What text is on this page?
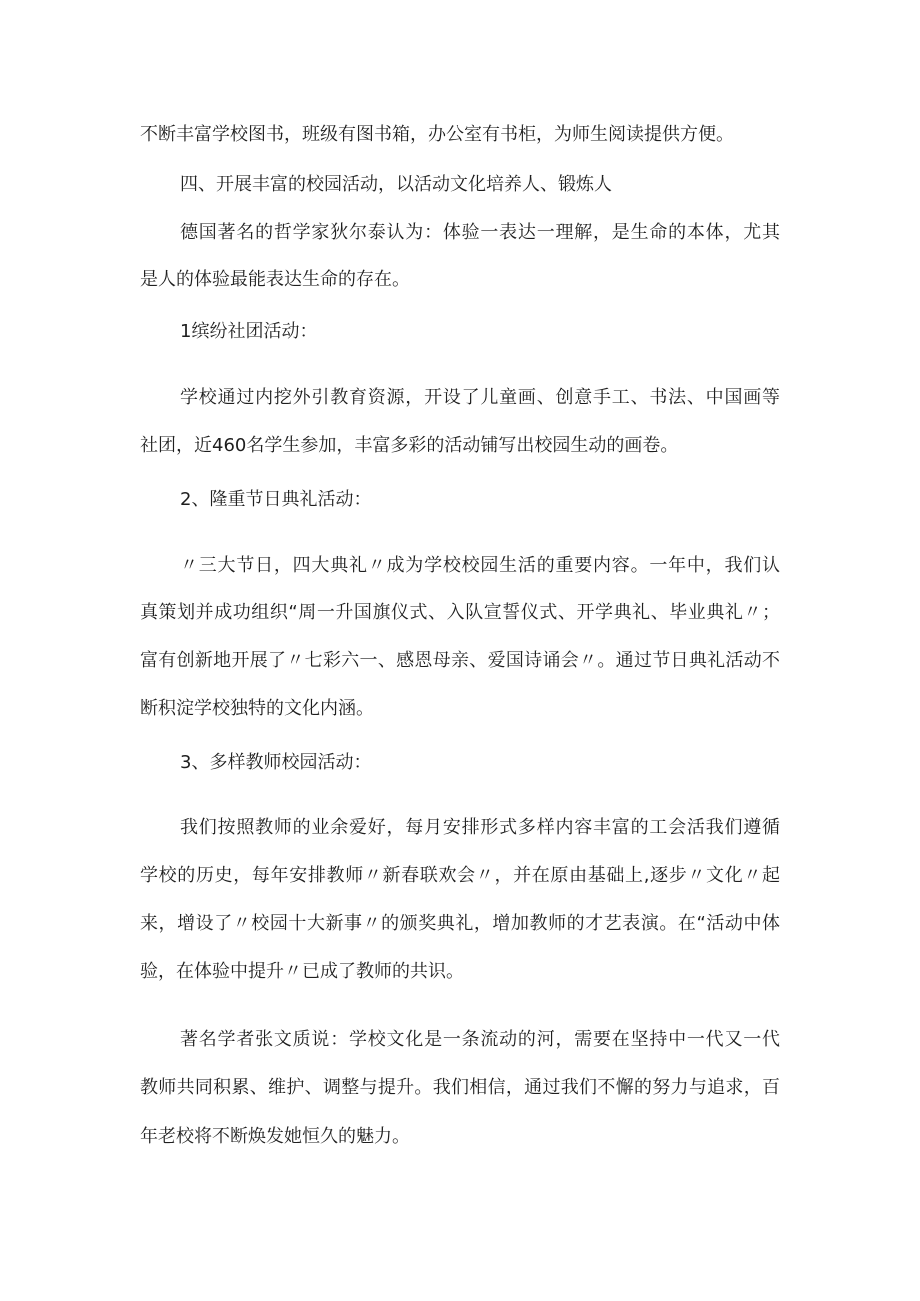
不断丰富学校图书，班级有图书箱，办公室有书柜，为师生阅读提供方便。
四、开展丰富的校园活动，以活动文化培养人、锻炼人
德国著名的哲学家狄尔泰认为：体验一表达一理解，是生命的本体，尤其
是人的体验最能表达生命的存在。
1缤纷社团活动：
学校通过内挖外引教育资源，开设了儿童画、创意手工、书法、中国画等
社团，近460名学生参加，丰富多彩的活动铺写出校园生动的画卷。
2、隆重节日典礼活动：
〃三大节日，四大典礼〃成为学校校园生活的重要内容。一年中，我们认
真策划并成功组织“周一升国旗仪式、入队宣誓仪式、开学典礼、毕业典礼〃；
富有创新地开展了〃七彩六一、感恩母亲、爱国诗诵会〃。通过节日典礼活动不
断积淀学校独特的文化内涵。
3、多样教师校园活动：
我们按照教师的业余爱好，每月安排形式多样内容丰富的工会活我们遵循
学校的历史，每年安排教师〃新春联欢会〃，并在原由基础上,逐步〃文化〃起
来，增设了〃校园十大新事〃的颁奖典礼，增加教师的才艺表演。在“活动中体
验，在体验中提升〃已成了教师的共识。
著名学者张文质说：学校文化是一条流动的河，需要在坚持中一代又一代
教师共同积累、维护、调整与提升。我们相信，通过我们不懈的努力与追求，百
年老校将不断焕发她恒久的魅力。
